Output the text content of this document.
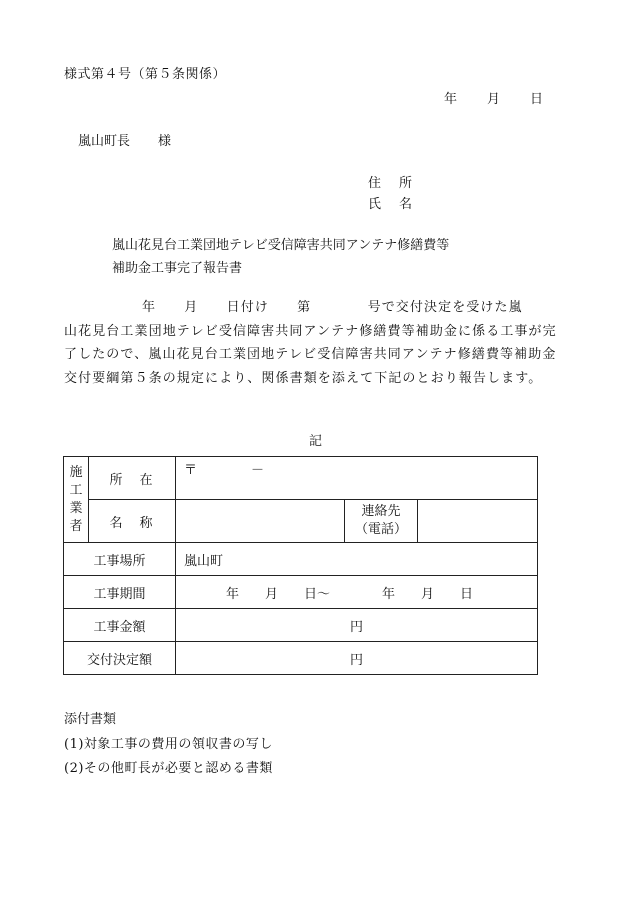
様式第４号（第５条関係）
年 月 日
嵐山町長 様
住 所
氏 名
嵐山花見台工業団地テレビ受信障害共同アンテナ修繕費等
補助金工事完了報告書
年　　月　　日付け　　第　　　　号で交付決定を受けた嵐
山花見台工業団地テレビ受信障害共同アンテナ修繕費等補助金に係る工事が完了したので、嵐山花見台工業団地テレビ受信障害共同アンテナ修繕費等補助金交付要綱第５条の規定により、関係書類を添えて下記のとおり報告します。
記
施工業者	所　在	〒 －		
	名　称		連絡先
（電話）	

工事場所		嵐山町		
工事期間		年　　月　　日～　　　　年　　月　　日		
工事金額		円		
交付決定額		円		
添付書類
(1)対象工事の費用の領収書の写し
(2)その他町長が必要と認める書類
